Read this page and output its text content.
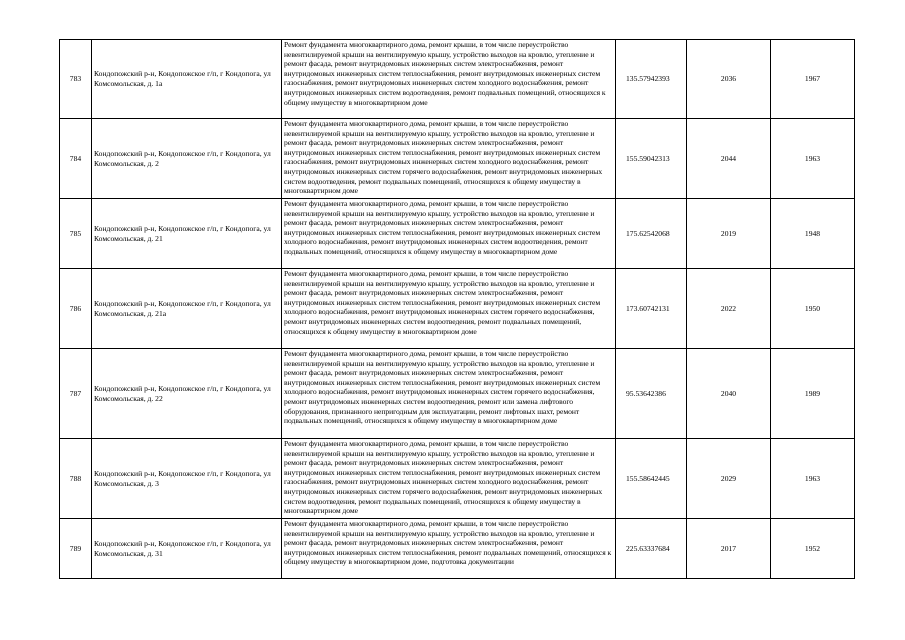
783	Кондопожский р-н, Кондопожское г/п, г Кондопога, ул Комсомольская, д. 1а	Ремонт фундамента многоквартирного дома, ремонт крыши, в том числе переустройство невентилируемой крыши на вентилируемую крышу, устройство выходов на кровлю, утепление и ремонт фасада, ремонт внутридомовых инженерных систем электроснабжения, ремонт внутридомовых инженерных систем теплоснабжения, ремонт внутридомовых инженерных систем газоснабжения, ремонт внутридомовых инженерных систем холодного водоснабжения, ремонт внутридомовых инженерных систем водоотведения, ремонт подвальных помещений, относящихся к общему имуществу в многоквартирном доме	135.57942393	2036	1967
784	Кондопожский р-н, Кондопожское г/п, г Кондопога, ул Комсомольская, д. 2	Ремонт фундамента многоквартирного дома, ремонт крыши, в том числе переустройство невентилируемой крыши на вентилируемую крышу, устройство выходов на кровлю, утепление и ремонт фасада, ремонт внутридомовых инженерных систем электроснабжения, ремонт внутридомовых инженерных систем теплоснабжения, ремонт внутридомовых инженерных систем газоснабжения, ремонт внутридомовых инженерных систем холодного водоснабжения, ремонт внутридомовых инженерных систем горячего водоснабжения, ремонт внутридомовых инженерных систем водоотведения, ремонт подвальных помещений, относящихся к общему имуществу в многоквартирном доме	155.59042313	2044	1963
785	Кондопожский р-н, Кондопожское г/п, г Кондопога, ул Комсомольская, д. 21	Ремонт фундамента многоквартирного дома, ремонт крыши, в том числе переустройство невентилируемой крыши на вентилируемую крышу, устройство выходов на кровлю, утепление и ремонт фасада, ремонт внутридомовых инженерных систем электроснабжения, ремонт внутридомовых инженерных систем теплоснабжения, ремонт внутридомовых инженерных систем холодного водоснабжения, ремонт внутридомовых инженерных систем водоотведения, ремонт подвальных помещений, относящихся к общему имуществу в многоквартирном доме	175.62542068	2019	1948
786	Кондопожский р-н, Кондопожское г/п, г Кондопога, ул Комсомольская, д. 21а	Ремонт фундамента многоквартирного дома, ремонт крыши, в том числе переустройство невентилируемой крыши на вентилируемую крышу, устройство выходов на кровлю, утепление и ремонт фасада, ремонт внутридомовых инженерных систем электроснабжения, ремонт внутридомовых инженерных систем теплоснабжения, ремонт внутридомовых инженерных систем холодного водоснабжения, ремонт внутридомовых инженерных систем горячего водоснабжения, ремонт внутридомовых инженерных систем водоотведения, ремонт подвальных помещений, относящихся к общему имуществу в многоквартирном доме	173.60742131	2022	1950
787	Кондопожский р-н, Кондопожское г/п, г Кондопога, ул Комсомольская, д. 22	Ремонт фундамента многоквартирного дома, ремонт крыши, в том числе переустройство невентилируемой крыши на вентилируемую крышу, устройство выходов на кровлю, утепление и ремонт фасада, ремонт внутридомовых инженерных систем электроснабжения, ремонт внутридомовых инженерных систем теплоснабжения, ремонт внутридомовых инженерных систем холодного водоснабжения, ремонт внутридомовых инженерных систем горячего водоснабжения, ремонт внутридомовых инженерных систем водоотведения, ремонт или замена лифтового оборудования, признанного непригодным для эксплуатации, ремонт лифтовых шахт, ремонт подвальных помещений, относящихся к общему имуществу в многоквартирном доме	95.53642386	2040	1989
788	Кондопожский р-н, Кондопожское г/п, г Кондопога, ул Комсомольская, д. 3	Ремонт фундамента многоквартирного дома, ремонт крыши, в том числе переустройство невентилируемой крыши на вентилируемую крышу, устройство выходов на кровлю, утепление и ремонт фасада, ремонт внутридомовых инженерных систем электроснабжения, ремонт внутридомовых инженерных систем теплоснабжения, ремонт внутридомовых инженерных систем газоснабжения, ремонт внутридомовых инженерных систем холодного водоснабжения, ремонт внутридомовых инженерных систем горячего водоснабжения, ремонт внутридомовых инженерных систем водоотведения, ремонт подвальных помещений, относящихся к общему имуществу в многоквартирном доме	155.58642445	2029	1963
789	Кондопожский р-н, Кондопожское г/п, г Кондопога, ул Комсомольская, д. 31	Ремонт фундамента многоквартирного дома, ремонт крыши, в том числе переустройство невентилируемой крыши на вентилируемую крышу, устройство выходов на кровлю, утепление и ремонт фасада, ремонт внутридомовых инженерных систем электроснабжения, ремонт внутридомовых инженерных систем теплоснабжения, ремонт подвальных помещений, относящихся к общему имуществу в многоквартирном доме, подготовка документации	225.63337684	2017	1952
